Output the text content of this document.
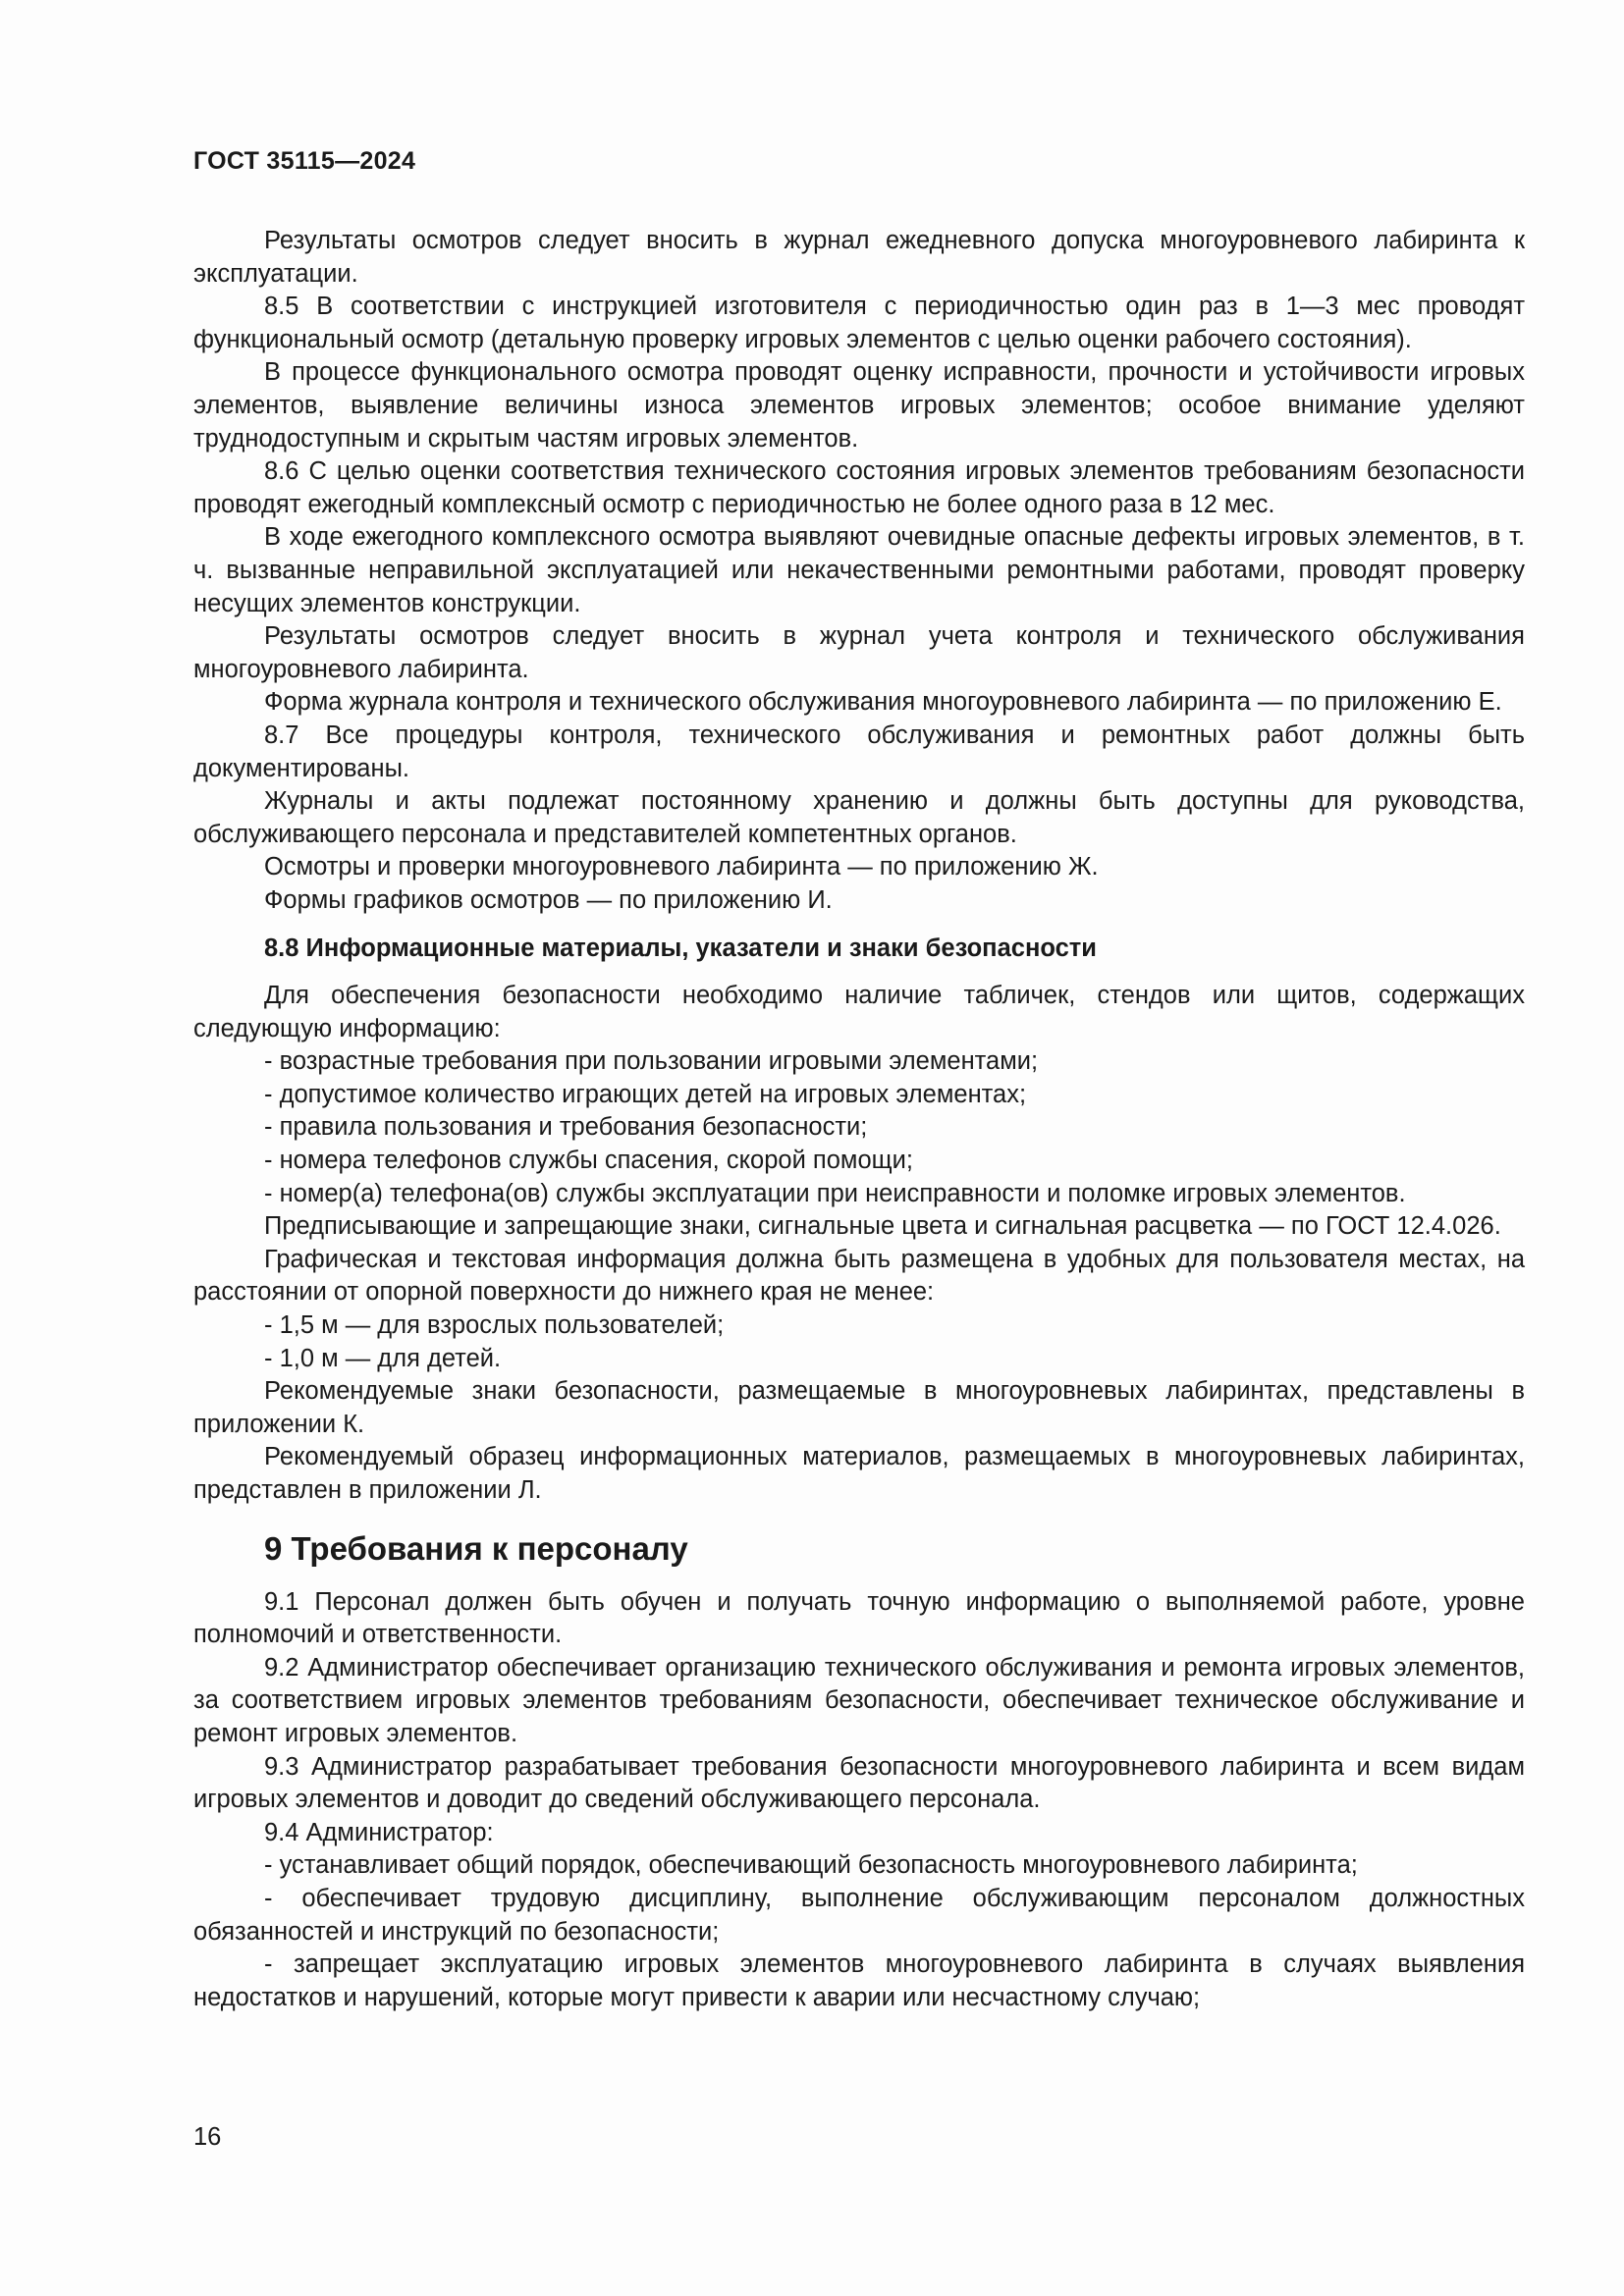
ГОСТ 35115—2024

Результаты осмотров следует вносить в журнал ежедневного допуска многоуровневого лабиринта к эксплуатации.

8.5 В соответствии с инструкцией изготовителя с периодичностью один раз в 1—3 мес проводят функциональный осмотр (детальную проверку игровых элементов с целью оценки рабочего состояния).

В процессе функционального осмотра проводят оценку исправности, прочности и устойчивости игровых элементов, выявление величины износа элементов игровых элементов; особое внимание уделяют труднодоступным и скрытым частям игровых элементов.

8.6 С целью оценки соответствия технического состояния игровых элементов требованиям безопасности проводят ежегодный комплексный осмотр с периодичностью не более одного раза в 12 мес.

В ходе ежегодного комплексного осмотра выявляют очевидные опасные дефекты игровых элементов, в т. ч. вызванные неправильной эксплуатацией или некачественными ремонтными работами, проводят проверку несущих элементов конструкции.

Результаты осмотров следует вносить в журнал учета контроля и технического обслуживания многоуровневого лабиринта.

Форма журнала контроля и технического обслуживания многоуровневого лабиринта — по приложению Е.

8.7 Все процедуры контроля, технического обслуживания и ремонтных работ должны быть документированы.

Журналы и акты подлежат постоянному хранению и должны быть доступны для руководства, обслуживающего персонала и представителей компетентных органов.

Осмотры и проверки многоуровневого лабиринта — по приложению Ж.

Формы графиков осмотров — по приложению И.

8.8 Информационные материалы, указатели и знаки безопасности

Для обеспечения безопасности необходимо наличие табличек, стендов или щитов, содержащих следующую информацию:

- возрастные требования при пользовании игровыми элементами;

- допустимое количество играющих детей на игровых элементах;

- правила пользования и требования безопасности;

- номера телефонов службы спасения, скорой помощи;

- номер(а) телефона(ов) службы эксплуатации при неисправности и поломке игровых элементов.

Предписывающие и запрещающие знаки, сигнальные цвета и сигнальная расцветка — по ГОСТ 12.4.026.

Графическая и текстовая информация должна быть размещена в удобных для пользователя местах, на расстоянии от опорной поверхности до нижнего края не менее:

- 1,5 м — для взрослых пользователей;

- 1,0 м — для детей.

Рекомендуемые знаки безопасности, размещаемые в многоуровневых лабиринтах, представлены в приложении К.

Рекомендуемый образец информационных материалов, размещаемых в многоуровневых лабиринтах, представлен в приложении Л.

9 Требования к персоналу

9.1 Персонал должен быть обучен и получать точную информацию о выполняемой работе, уровне полномочий и ответственности.

9.2 Администратор обеспечивает организацию технического обслуживания и ремонта игровых элементов, за соответствием игровых элементов требованиям безопасности, обеспечивает техническое обслуживание и ремонт игровых элементов.

9.3 Администратор разрабатывает требования безопасности многоуровневого лабиринта и всем видам игровых элементов и доводит до сведений обслуживающего персонала.

9.4 Администратор:

- устанавливает общий порядок, обеспечивающий безопасность многоуровневого лабиринта;

- обеспечивает трудовую дисциплину, выполнение обслуживающим персоналом должностных обязанностей и инструкций по безопасности;

- запрещает эксплуатацию игровых элементов многоуровневого лабиринта в случаях выявления недостатков и нарушений, которые могут привести к аварии или несчастному случаю;

16
